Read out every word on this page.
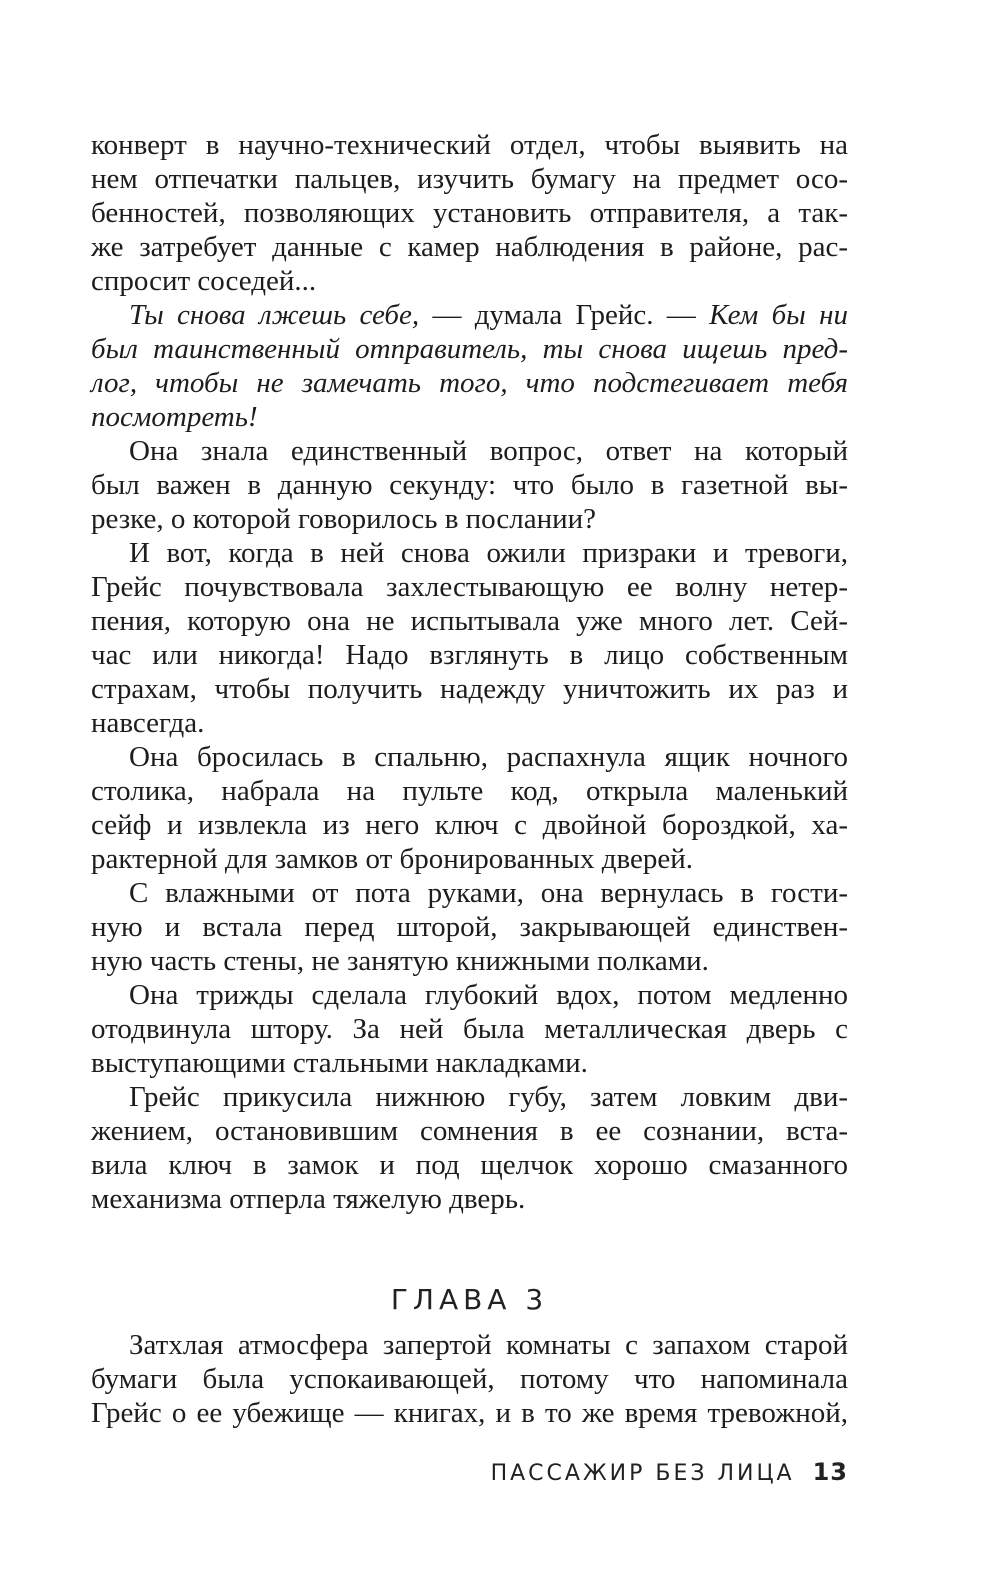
конверт в научно-технический отдел, чтобы выявить на
нем отпечатки пальцев, изучить бумагу на предмет осо-
бенностей, позволяющих установить отправителя, а так-
же затребует данные с камер наблюдения в районе, рас-
спросит соседей...
Ты снова лжешь себе, — думала Грейс. — Кем бы ни
был таинственный отправитель, ты снова ищешь пред-
лог, чтобы не замечать того, что подстегивает тебя
посмотреть!
Она знала единственный вопрос, ответ на который
был важен в данную секунду: что было в газетной вы-
резке, о которой говорилось в послании?
И вот, когда в ней снова ожили призраки и тревоги,
Грейс почувствовала захлестывающую ее волну нетер-
пения, которую она не испытывала уже много лет. Сей-
час или никогда! Надо взглянуть в лицо собственным
страхам, чтобы получить надежду уничтожить их раз и
навсегда.
Она бросилась в спальню, распахнула ящик ночного
столика, набрала на пульте код, открыла маленький
сейф и извлекла из него ключ с двойной бороздкой, ха-
рактерной для замков от бронированных дверей.
С влажными от пота руками, она вернулась в гости-
ную и встала перед шторой, закрывающей единствен-
ную часть стены, не занятую книжными полками.
Она трижды сделала глубокий вдох, потом медленно
отодвинула штору. За ней была металлическая дверь с
выступающими стальными накладками.
Грейс прикусила нижнюю губу, затем ловким дви-
жением, остановившим сомнения в ее сознании, вста-
вила ключ в замок и под щелчок хорошо смазанного
механизма отперла тяжелую дверь.
ГЛАВА 3
Затхлая атмосфера запертой комнаты с запахом старой
бумаги была успокаивающей, потому что напоминала
Грейс о ее убежище — книгах, и в то же время тревожной,
ПАССАЖИР БЕЗ ЛИЦА 13
